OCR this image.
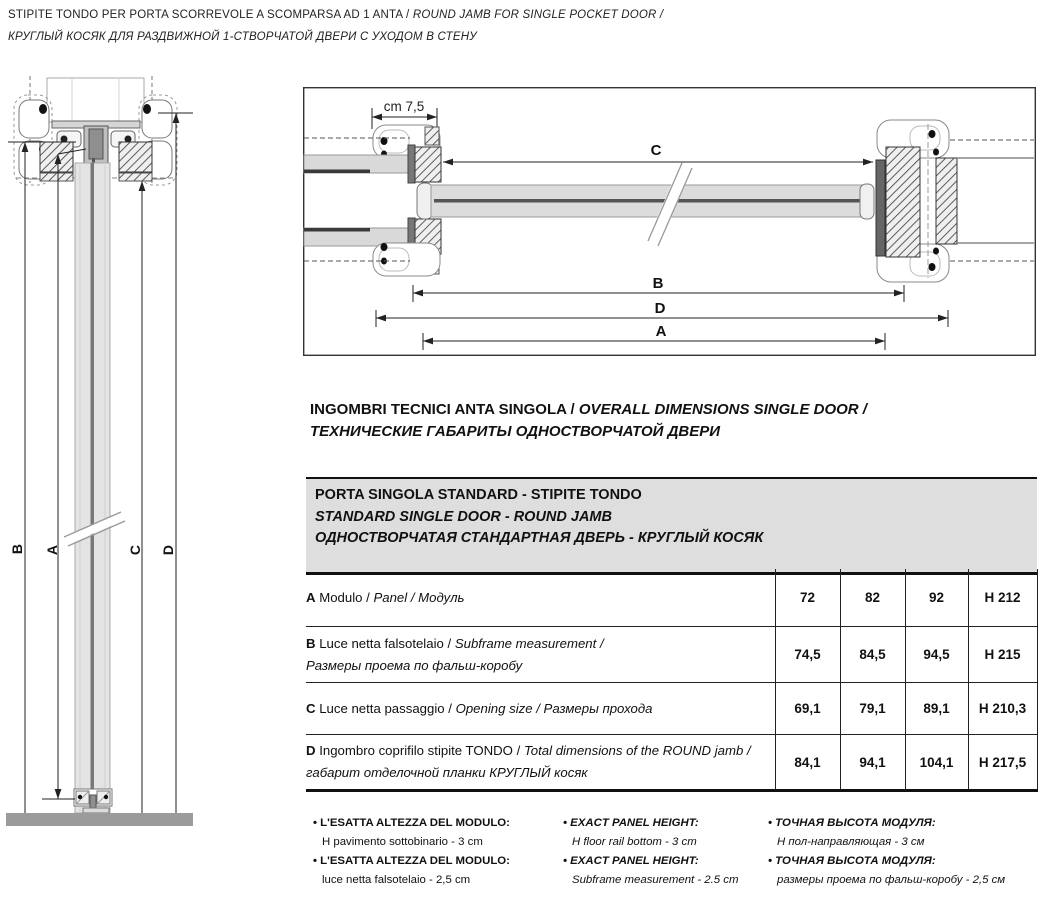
STIPITE TONDO PER PORTA SCORREVOLE A SCOMPARSA AD 1 ANTA / ROUND JAMB FOR SINGLE POCKET DOOR /
КРУГЛЫЙ КОСЯК ДЛЯ РАЗДВИЖНОЙ 1-СТВОРЧАТОЙ ДВЕРИ С УХОДОМ В СТЕНУ
B A	C D
cm 7,5
C
B
D
A
INGOMBRI TECNICI ANTA SINGOLA / OVERALL DIMENSIONS SINGLE DOOR /
ТЕХНИЧЕСКИЕ ГАБАРИТЫ ОДНОСТВОРЧАТОЙ ДВЕРИ
PORTA SINGOLA STANDARD - STIPITE TONDO
STANDARD SINGLE DOOR - ROUND JAMB
ОДНОСТВОРЧАТАЯ СТАНДАРТНАЯ ДВЕРЬ - КРУГЛЫЙ КОСЯК
A Modulo / Panel / Модуль	72	82	92	H 212
B Luce netta falsotelaio / Subframe measurement /
Размеры проема по фальш-коробу	74,5	84,5	94,5	H 215
C Luce netta passaggio / Opening size / Размеры прохода	69,1	79,1	89,1	H 210,3
D Ingombro coprifilo stipite TONDO / Total dimensions of the ROUND jamb /
габарит отделочной планки КРУГЛЫЙ косяк	84,1	94,1	104,1	H 217,5
• L'ESATTA ALTEZZA DEL MODULO:
H pavimento sottobinario - 3 cm
• L'ESATTA ALTEZZA DEL MODULO:
luce netta falsotelaio - 2,5 cm
• EXACT PANEL HEIGHT:
H floor rail bottom - 3 cm
• EXACT PANEL HEIGHT:
Subframe measurement - 2.5 cm
• ТОЧНАЯ ВЫСОТА МОДУЛЯ:
Н пол-направляющая - 3 см
• ТОЧНАЯ ВЫСОТА МОДУЛЯ:
размеры проема по фальш-коробу - 2,5 см
